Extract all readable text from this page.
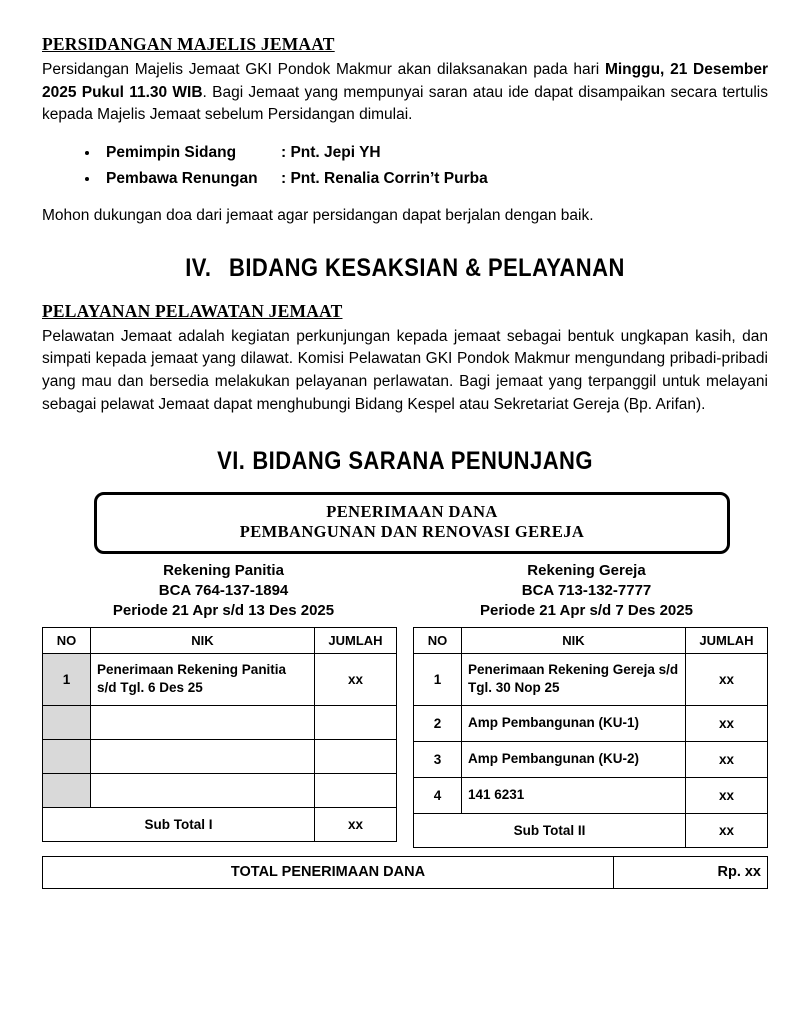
PERSIDANGAN MAJELIS JEMAAT

Persidangan Majelis Jemaat GKI Pondok Makmur akan dilaksanakan pada hari Minggu, 21 Desember 2025 Pukul 11.30 WIB. Bagi Jemaat yang mempunyai saran atau ide dapat disampaikan secara tertulis kepada Majelis Jemaat sebelum Persidangan dimulai.

• Pemimpin Sidang	: Pnt. Jepi YH
• Pembawa Renungan : Pnt. Renalia Corrin’t Purba

Mohon dukungan doa dari jemaat agar persidangan dapat berjalan dengan baik.

IV. BIDANG KESAKSIAN & PELAYANAN
PELAYANAN PELAWATAN JEMAAT

Pelawatan Jemaat adalah kegiatan perkunjungan kepada jemaat sebagai bentuk ungkapan kasih, dan simpati kepada jemaat yang dilawat. Komisi Pelawatan GKI Pondok Makmur mengundang pribadi-pribadi yang mau dan bersedia melakukan pelayanan perlawatan. Bagi jemaat yang terpanggil untuk melayani sebagai pelawat Jemaat dapat menghubungi Bidang Kespel atau Sekretariat Gereja (Bp. Arifan).

VI. BIDANG SARANA PENUNJANG
PENERIMAAN DANA
PEMBANGUNAN DAN RENOVASI GEREJA
Rekening Panitia
BCA 764-137-1894
Periode 21 Apr s/d 13 Des 2025
Rekening Gereja
BCA 713-132-7777
Periode 21 Apr s/d 7 Des 2025
NO	NIK	JUMLAH
1	Penerimaan Rekening Panitia s/d Tgl. 6 Des 25	xx

Sub Total I		xx
NO	NIK	JUMLAH
1	Penerimaan Rekening Gereja s/d Tgl. 30 Nop 25	xx
2	Amp Pembangunan (KU-1)	xx
3	Amp Pembangunan (KU-2)	xx
4	141 6231	xx
Sub Total II		xx
TOTAL PENERIMAAN DANA	Rp. xx
